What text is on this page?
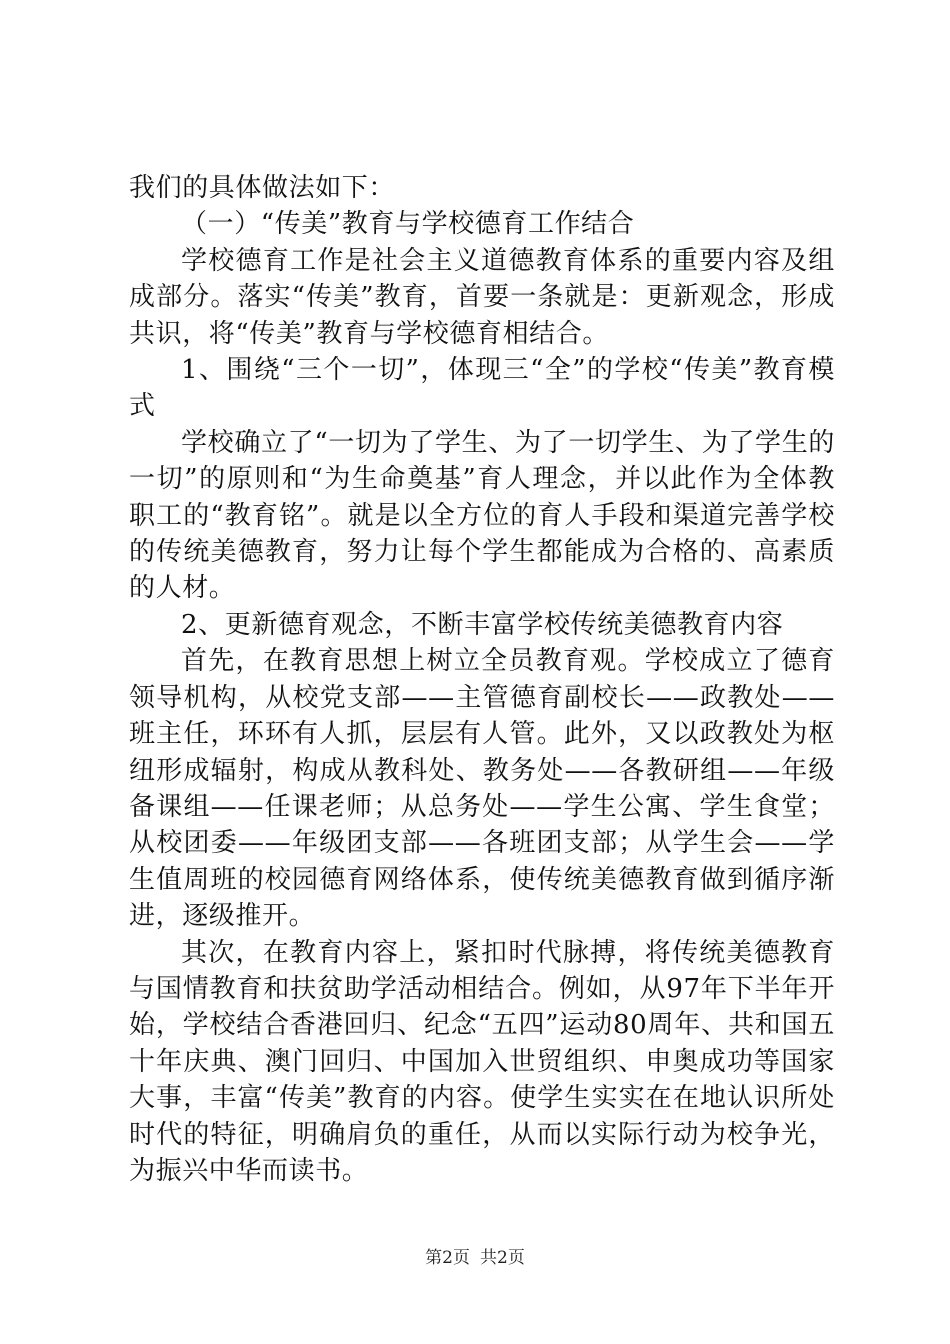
我们的具体做法如下：

（一）“传美”教育与学校德育工作结合

学校德育工作是社会主义道德教育体系的重要内容及组成部分。落实“传美”教育，首要一条就是：更新观念，形成共识，将“传美”教育与学校德育相结合。

1、围绕“三个一切”，体现三“全”的学校“传美”教育模式

学校确立了“一切为了学生、为了一切学生、为了学生的一切”的原则和“为生命奠基”育人理念，并以此作为全体教职工的“教育铭”。就是以全方位的育人手段和渠道完善学校的传统美德教育，努力让每个学生都能成为合格的、高素质的人材。

2、更新德育观念，不断丰富学校传统美德教育内容

首先，在教育思想上树立全员教育观。学校成立了德育领导机构，从校党支部——主管德育副校长——政教处——班主任，环环有人抓，层层有人管。此外，又以政教处为枢纽形成辐射，构成从教科处、教务处——各教研组——年级备课组——任课老师；从总务处——学生公寓、学生食堂；从校团委——年级团支部——各班团支部；从学生会——学生值周班的校园德育网络体系，使传统美德教育做到循序渐进，逐级推开。

其次，在教育内容上，紧扣时代脉搏，将传统美德教育与国情教育和扶贫助学活动相结合。例如，从97年下半年开始，学校结合香港回归、纪念“五四”运动80周年、共和国五十年庆典、澳门回归、中国加入世贸组织、申奥成功等国家大事，丰富“传美”教育的内容。使学生实实在在地认识所处时代的特征，明确肩负的重任，从而以实际行动为校争光，为振兴中华而读书。

第2页 共2页
